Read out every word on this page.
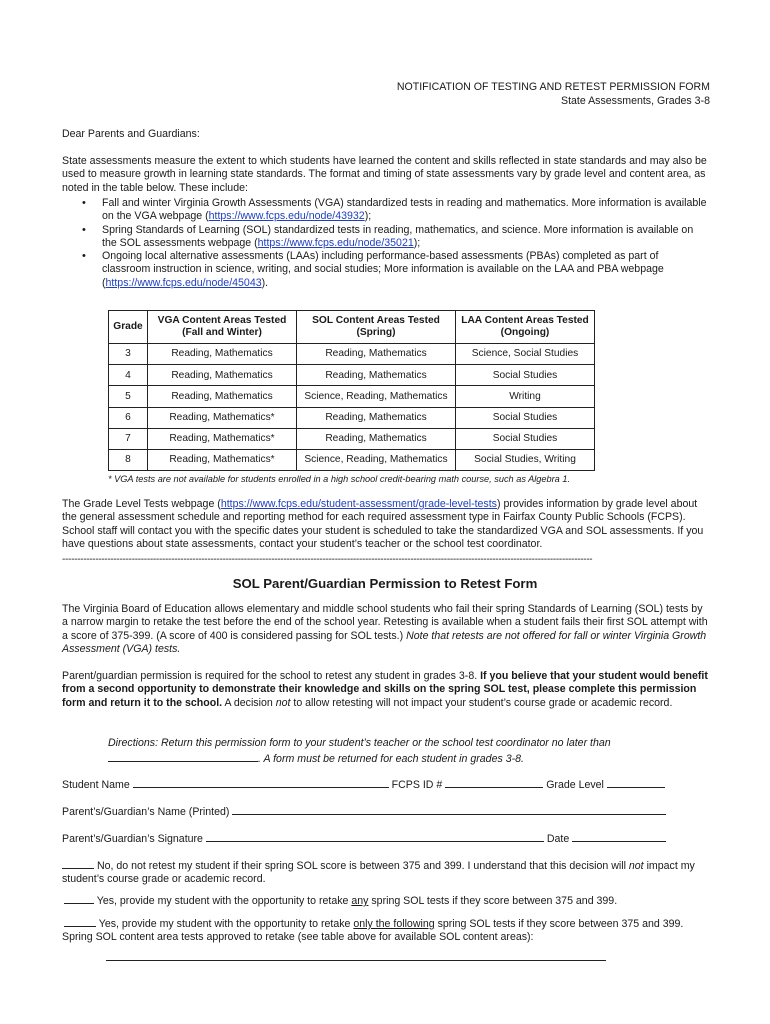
NOTIFICATION OF TESTING AND RETEST PERMISSION FORM
State Assessments, Grades 3-8

Dear Parents and Guardians:

State assessments measure the extent to which students have learned the content and skills reflected in state standards and may also be used to measure growth in learning state standards. The format and timing of state assessments vary by grade level and content area, as noted in the table below. These include:

• Fall and winter Virginia Growth Assessments (VGA) standardized tests in reading and mathematics. More information is available on the VGA webpage (https://www.fcps.edu/node/43932);
• Spring Standards of Learning (SOL) standardized tests in reading, mathematics, and science. More information is available on the SOL assessments webpage (https://www.fcps.edu/node/35021);
• Ongoing local alternative assessments (LAAs) including performance-based assessments (PBAs) completed as part of classroom instruction in science, writing, and social studies; More information is available on the LAA and PBA webpage (https://www.fcps.edu/node/45043).
Grade	VGA Content Areas Tested (Fall and Winter)	SOL Content Areas Tested (Spring)	LAA Content Areas Tested (Ongoing)
3	Reading, Mathematics	Reading, Mathematics	Science, Social Studies
4	Reading, Mathematics	Reading, Mathematics	Social Studies
5	Reading, Mathematics	Science, Reading, Mathematics	Writing
6	Reading, Mathematics*	Reading, Mathematics	Social Studies
7	Reading, Mathematics*	Reading, Mathematics	Social Studies
8	Reading, Mathematics*	Science, Reading, Mathematics	Social Studies, Writing
* VGA tests are not available for students enrolled in a high school credit-bearing math course, such as Algebra 1.

The Grade Level Tests webpage (https://www.fcps.edu/student-assessment/grade-level-tests) provides information by grade level about the general assessment schedule and reporting method for each required assessment type in Fairfax County Public Schools (FCPS). School staff will contact you with the specific dates your student is scheduled to take the standardized VGA and SOL assessments. If you have questions about state assessments, contact your student’s teacher or the school test coordinator.

-------------------------------------------------------------------------------------------------------------------------------------------------------------------------------
SOL Parent/Guardian Permission to Retest Form

The Virginia Board of Education allows elementary and middle school students who fail their spring Standards of Learning (SOL) tests by a narrow margin to retake the test before the end of the school year. Retesting is available when a student fails their first SOL attempt with a score of 375-399. (A score of 400 is considered passing for SOL tests.) Note that retests are not offered for fall or winter Virginia Growth Assessment (VGA) tests.

Parent/guardian permission is required for the school to retest any student in grades 3-8. If you believe that your student would benefit from a second opportunity to demonstrate their knowledge and skills on the spring SOL test, please complete this permission form and return it to the school. A decision not to allow retesting will not impact your student’s course grade or academic record.

Directions: Return this permission form to your student’s teacher or the school test coordinator no later than
. A form must be returned for each student in grades 3-8.

Student Name	FCPS ID #	Grade Level
Parent’s/Guardian’s Name (Printed)
Parent’s/Guardian’s Signature	Date

No, do not retest my student if their spring SOL score is between 375 and 399. I understand that this decision will not impact my student’s course grade or academic record.

Yes, provide my student with the opportunity to retake any spring SOL tests if they score between 375 and 399.

Yes, provide my student with the opportunity to retake only the following spring SOL tests if they score between 375 and 399. Spring SOL content area tests approved to retake (see table above for available SOL content areas):
